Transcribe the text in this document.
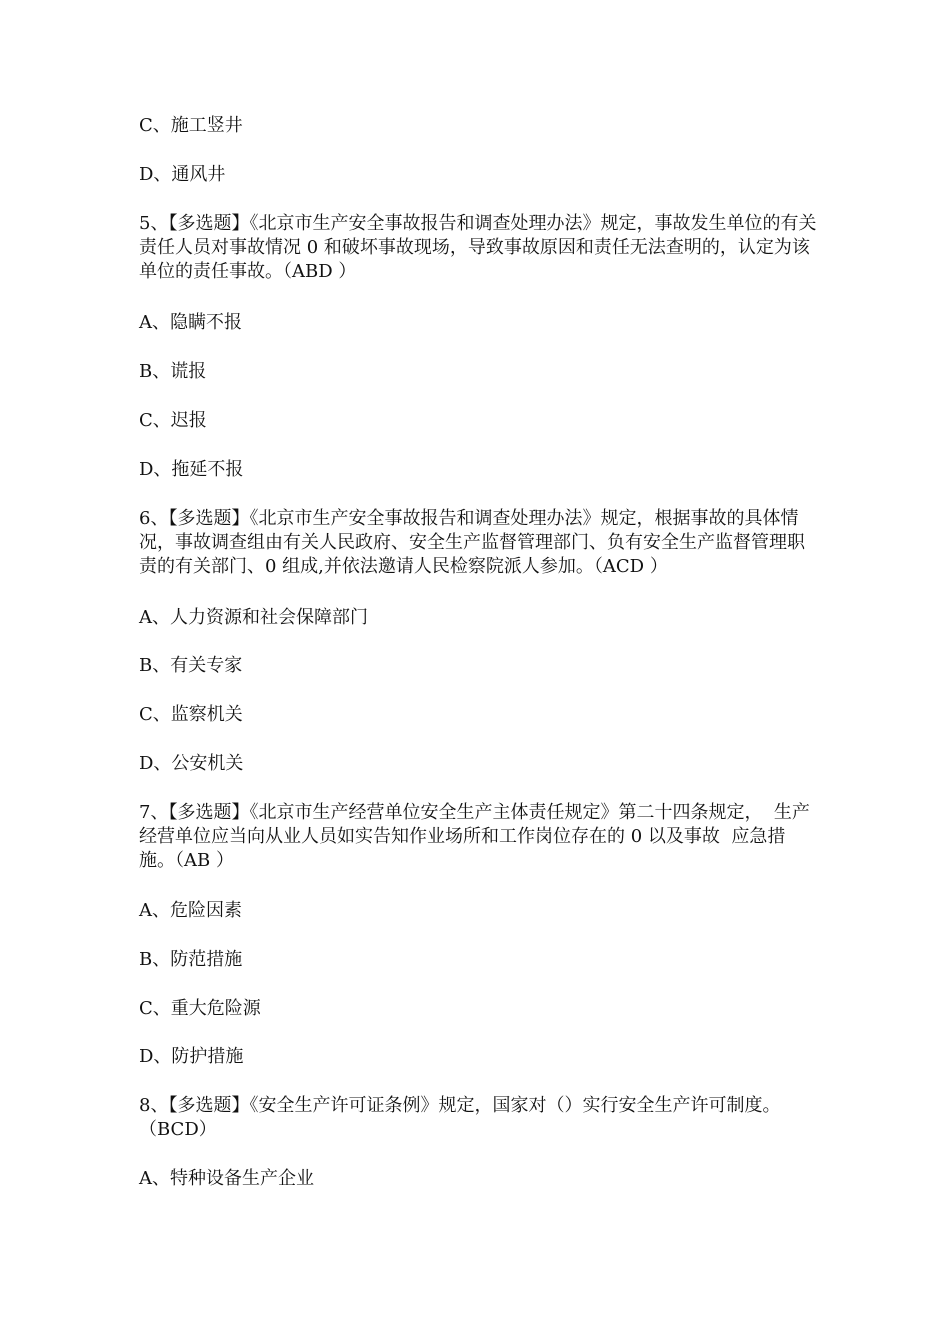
C、施工竖井
D、通风井
5、【多选题】《北京市生产安全事故报告和调查处理办法》规定，事故发生单位的有关责任人员对事故情况 0 和破坏事故现场，导致事故原因和责任无法查明的，认定为该单位的责任事故。（ABD ）
A、隐瞒不报
B、谎报
C、迟报
D、拖延不报
6、【多选题】《北京市生产安全事故报告和调查处理办法》规定，根据事故的具体情况，事故调查组由有关人民政府、安全生产监督管理部门、负有安全生产监督管理职责的有关部门、0 组成,并依法邀请人民检察院派人参加。（ACD ）
A、人力资源和社会保障部门
B、有关专家
C、监察机关
D、公安机关
7、【多选题】《北京市生产经营单位安全生产主体责任规定》第二十四条规定，  生产经营单位应当向从业人员如实告知作业场所和工作岗位存在的 0 以及事故  应急措施。（AB ）
A、危险因素
B、防范措施
C、重大危险源
D、防护措施
8、【多选题】《安全生产许可证条例》规定，国家对（）实行安全生产许可制度。（BCD）
A、特种设备生产企业
